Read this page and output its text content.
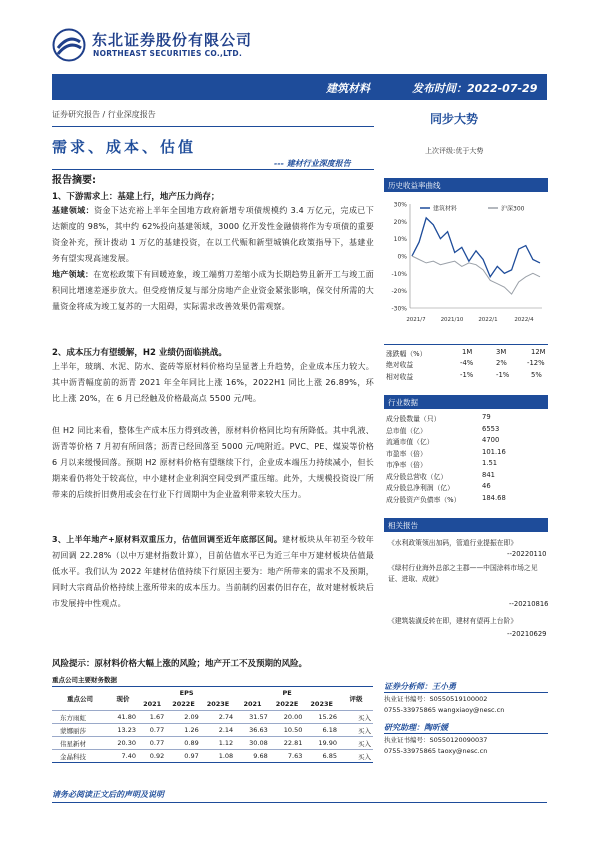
东北证券股份有限公司
NORTHEAST SECURITIES CO.,LTD.
建筑材料	发布时间：2022-07-29
证券研究报告 / 行业深度报告	同步大势
上次评级:优于大势
需求、成本、估值
--- 建材行业深度报告
报告摘要:
1、下游需求上：基建上行，地产压力尚存；
基建领域：资金下达充裕上半年全国地方政府新增专项债规模约 3.4 万亿元，完成已下达额度的 98%，其中约 62%投向基建领域，3000 亿开发性金融债将作为专项债的重要资金补充，预计拨动 1 万亿的基建投资，在以工代赈和新型城镇化政策指导下，基建业务有望实现高速发展。
地产领域：在宽松政策下有回暖迹象，竣工端剪刀差缩小成为长期趋势且新开工与竣工面积同比增速差逐步放大。但受疫情反复与部分房地产企业资金紧张影响，保交付所需的大量资金将成为竣工复苏的一大阻碍，实际需求改善效果仍需观察。
2、成本压力有望缓解，H2 业绩仍面临挑战。
上半年，玻璃、水泥、防水、瓷砖等原材料价格均呈显著上升趋势，企业成本压力较大。其中沥青幅度前的沥青 2021 年全年同比上涨 16%，2022H1 同比上涨 26.89%，环比上涨 20%，在 6 月已经触及价格最高点 5500 元/吨。
但 H2 同比来看，整体生产成本压力得到改善，原材料价格同比均有所降低。其中乳液、沥青等价格 7 月初有所回落；沥青已经回落至 5000 元/吨附近。PVC、PE、煤炭等价格 6 月以来缓慢回落。预期 H2 原材料价格有望继续下行，企业成本端压力持续减小，但长期来看仍将处于较高位，中小建材企业利润空间受到严重压缩。此外，大规模投资设厂所带来的后续折旧费用或会在行业下行周期中为企业盈利带来较大压力。
3、上半年地产+原材料双重压力，估值回调至近年底部区间。建材板块从年初至今较年初回调 22.28%（以中万建材指数计算），目前估值水平已为近三年中万建材板块估值最低水平。我们认为 2022 年建材估值持续下行原因主要为：地产所带来的需求不及预期，同时大宗商品价格持续上涨所带来的成本压力。当前制约因素仍旧存在，故对建材板块后市发展持中性观点。
历史收益率曲线
30%
20%
10%
0%
-10%
-20%
-30%
2021/7	2021/10	2022/1	2022/4
建筑材料	沪深300
涨跌幅（%）	1M	3M	12M
绝对收益	-4%	2%	-12%
相对收益	-1%	-1%	5%
行业数据
成分股数量（只）	79
总市值（亿）	6553
流通市值（亿）	4700
市盈率（倍）	101.16
市净率（倍）	1.51
成分股总营收（亿）	841
成分股总净利润（亿）	46
成分股资产负债率（%）	184.68
相关报告
《水利政策领出加码，管道行业提振在即》
--20220110
《绿村行业海外总部之主郡——中国涂料市场之见证、进取、成就》
--20210816
《建筑装潢反转在即，建材有望再上台阶》
--20210629
证券分析师：王小勇
执业证书编号：S0550519100002
0755-33975865 wangxiaoy@nesc.cn
研究助理：陶昕媛
执业证书编号：S0550120090037
0755-33975865 taoxy@nesc.cn
风险提示：原材料价格大幅上涨的风险；地产开工不及预期的风险。
重点公司主要财务数据
重点公司	现价	EPS			PE			评级
		2021	2022E	2023E	2021	2022E	2023E	
东方雨虹	41.80	1.67	2.09	2.74	31.57	20.00	15.26	买入
蒙娜丽莎	13.23	0.77	1.26	2.14	36.63	10.50	6.18	买入
伟星新材	20.30	0.77	0.89	1.12	30.08	22.81	19.90	买入
金晶科技	7.40	0.92	0.97	1.08	9.68	7.63	6.85	买入
请务必阅读正文后的声明及说明
